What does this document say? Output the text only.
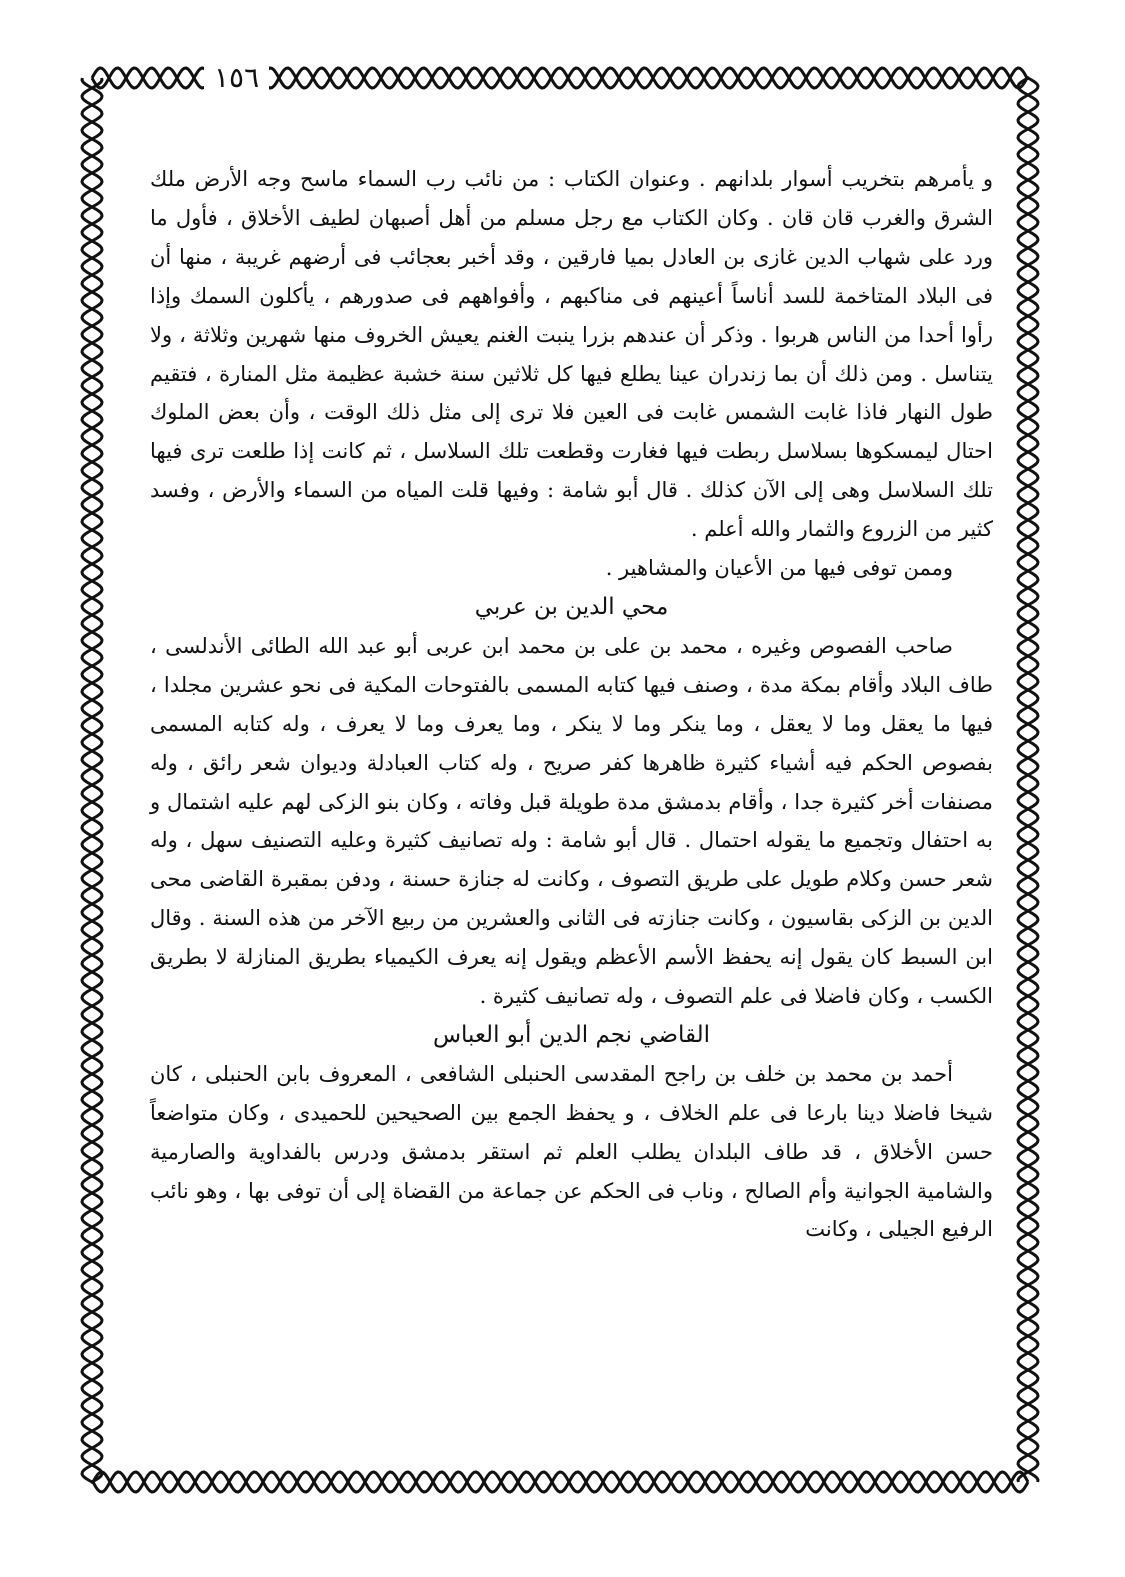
١٥٦

و يأمرهم بتخريب أسوار بلدانهم . وعنوان الكتاب : من نائب رب السماء ماسح وجه الأرض ملك الشرق والغرب قان قان . وكان الكتاب مع رجل مسلم من أهل أصبهان لطيف الأخلاق ، فأول ما ورد على شهاب الدين غازى بن العادل بميا فارقين ، وقد أخبر بعجائب فى أرضهم غريبة ، منها أن فى البلاد المتاخمة للسد أناساً أعينهم فى مناكبهم ، وأفواههم فى صدورهم ، يأكلون السمك وإذا رأوا أحدا من الناس هربوا . وذكر أن عندهم بزرا ينبت الغنم يعيش الخروف منها شهرين وثلاثة ، ولا يتناسل . ومن ذلك أن بما زندران عينا يطلع فيها كل ثلاثين سنة خشبة عظيمة مثل المنارة ، فتقيم طول النهار فاذا غابت الشمس غابت فى العين فلا ترى إلى مثل ذلك الوقت ، وأن بعض الملوك احتال ليمسكوها بسلاسل ربطت فيها فغارت وقطعت تلك السلاسل ، ثم كانت إذا طلعت ترى فيها تلك السلاسل وهى إلى الآن كذلك . قال أبو شامة : وفيها قلت المياه من السماء والأرض ، وفسد كثير من الزروع والثمار والله أعلم .

وممن توفى فيها من الأعيان والمشاهير .

محي الدين بن عربي

صاحب الفصوص وغيره ، محمد بن على بن محمد ابن عربى أبو عبد الله الطائى الأندلسى ، طاف البلاد وأقام بمكة مدة ، وصنف فيها كتابه المسمى بالفتوحات المكية فى نحو عشرين مجلدا ، فيها ما يعقل وما لا يعقل ، وما ينكر وما لا ينكر ، وما يعرف وما لا يعرف ، وله كتابه المسمى بفصوص الحكم فيه أشياء كثيرة ظاهرها كفر صريح ، وله كتاب العبادلة وديوان شعر رائق ، وله مصنفات أخر كثيرة جدا ، وأقام بدمشق مدة طويلة قبل وفاته ، وكان بنو الزكى لهم عليه اشتمال و به احتفال وتجميع ما يقوله احتمال . قال أبو شامة : وله تصانيف كثيرة وعليه التصنيف سهل ، وله شعر حسن وكلام طويل على طريق التصوف ، وكانت له جنازة حسنة ، ودفن بمقبرة القاضى محى الدين بن الزكى بقاسيون ، وكانت جنازته فى الثانى والعشرين من ربيع الآخر من هذه السنة . وقال ابن السبط كان يقول إنه يحفظ الأسم الأعظم ويقول إنه يعرف الكيمياء بطريق المنازلة لا بطريق الكسب ، وكان فاضلا فى علم التصوف ، وله تصانيف كثيرة .

القاضي نجم الدين أبو العباس

أحمد بن محمد بن خلف بن راجح المقدسى الحنبلى الشافعى ، المعروف بابن الحنبلى ، كان شيخا فاضلا دينا بارعا فى علم الخلاف ، و يحفظ الجمع بين الصحيحين للحميدى ، وكان متواضعاً حسن الأخلاق ، قد طاف البلدان يطلب العلم ثم استقر بدمشق ودرس بالفداوية والصارمية والشامية الجوانية وأم الصالح ، وناب فى الحكم عن جماعة من القضاة إلى أن توفى بها ، وهو نائب الرفيع الجيلى ، وكانت
